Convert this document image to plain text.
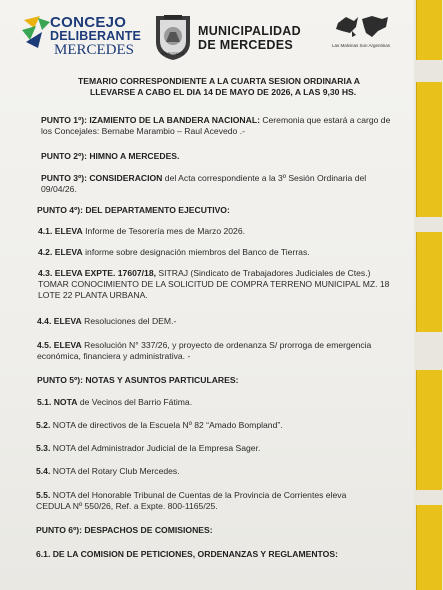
CONCEJO
DELIBERANTE
MERCEDES	MERCEDES
MUNICIPALIDAD
DE MERCEDES	Las Malvinas Son Argentinas
TEMARIO CORRESPONDIENTE A LA CUARTA SESION ORDINARIA A
LLEVARSE A CABO EL DIA 14 DE MAYO DE 2026, A LAS 9,30 HS.
PUNTO 1º): IZAMIENTO DE LA BANDERA NACIONAL: Ceremonia que estará a cargo de
los Concejales: Bernabe Marambio – Raul Acevedo .-
PUNTO 2º): HIMNO A MERCEDES.
PUNTO 3º): CONSIDERACION del Acta correspondiente a la 3º Sesión Ordinaria del
09/04/26.
PUNTO 4º): DEL DEPARTAMENTO EJECUTIVO:
4.1. ELEVA Informe de Tesorería mes de Marzo 2026.
4.2. ELEVA informe sobre designación miembros del Banco de Tierras.
4.3. ELEVA EXPTE. 17607/18, SITRAJ (Sindicato de Trabajadores Judiciales de Ctes.)
TOMAR CONOCIMIENTO DE LA SOLICITUD DE COMPRA TERRENO MUNICIPAL MZ. 18
LOTE 22 PLANTA URBANA.
4.4. ELEVA Resoluciones del DEM.-
4.5. ELEVA Resolución N° 337/26, y proyecto de ordenanza S/ prorroga de emergencia
económica, financiera y administrativa. -
PUNTO 5º): NOTAS Y ASUNTOS PARTICULARES:
5.1. NOTA de Vecinos del Barrio Fátima.
5.2. NOTA de directivos de la Escuela Nº 82 “Amado Bompland”.
5.3. NOTA del Administrador Judicial de la Empresa Sager.
5.4. NOTA del Rotary Club Mercedes.
5.5. NOTA del Honorable Tribunal de Cuentas de la Provincia de Corrientes eleva
CEDULA Nº 550/26, Ref. a Expte. 800-1165/25.
PUNTO 6º): DESPACHOS DE COMISIONES:
6.1. DE LA COMISION DE PETICIONES, ORDENANZAS Y REGLAMENTOS:
